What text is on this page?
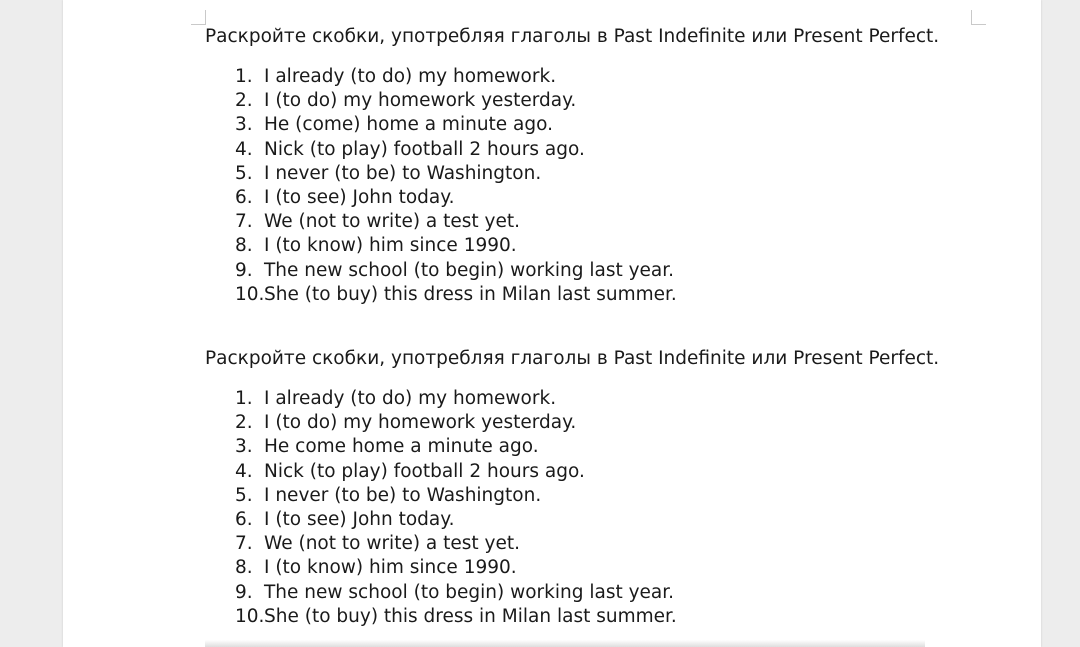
Раскройте скобки, употребляя глаголы в Past Indefinite или Present Perfect.

1. I already (to do) my homework.
2. I (to do) my homework yesterday.
3. He (come) home a minute ago.
4. Nick (to play) football 2 hours ago.
5. I never (to be) to Washington.
6. I (to see) John today.
7. We (not to write) a test yet.
8. I (to know) him since 1990.
9. The new school (to begin) working last year.
10. She (to buy) this dress in Milan last summer.

Раскройте скобки, употребляя глаголы в Past Indefinite или Present Perfect.

1. I already (to do) my homework.
2. I (to do) my homework yesterday.
3. He come home a minute ago.
4. Nick (to play) football 2 hours ago.
5. I never (to be) to Washington.
6. I (to see) John today.
7. We (not to write) a test yet.
8. I (to know) him since 1990.
9. The new school (to begin) working last year.
10. She (to buy) this dress in Milan last summer.
